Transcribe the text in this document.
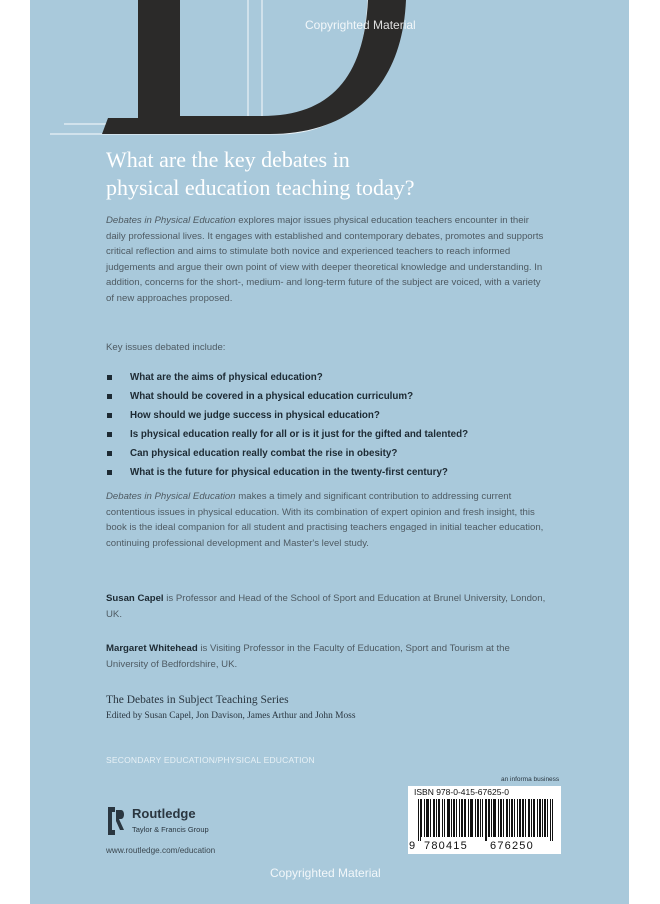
Copyrighted Material
What are the key debates in
physical education teaching today?

Debates in Physical Education explores major issues physical education teachers encounter in their daily professional lives. It engages with established and contemporary debates, promotes and supports critical reflection and aims to stimulate both novice and experienced teachers to reach informed judgements and argue their own point of view with deeper theoretical knowledge and understanding. In addition, concerns for the short-, medium- and long-term future of the subject are voiced, with a variety of new approaches proposed.

Key issues debated include:

What are the aims of physical education?
What should be covered in a physical education curriculum?
How should we judge success in physical education?
Is physical education really for all or is it just for the gifted and talented?
Can physical education really combat the rise in obesity?
What is the future for physical education in the twenty-first century?

Debates in Physical Education makes a timely and significant contribution to addressing current contentious issues in physical education. With its combination of expert opinion and fresh insight, this book is the ideal companion for all student and practising teachers engaged in initial teacher education, continuing professional development and Master's level study.

Susan Capel is Professor and Head of the School of Sport and Education at Brunel University, London, UK.

Margaret Whitehead is Visiting Professor in the Faculty of Education, Sport and Tourism at the University of Bedfordshire, UK.

The Debates in Subject Teaching Series

Edited by Susan Capel, Jon Davison, James Arthur and John Moss

SECONDARY EDUCATION/PHYSICAL EDUCATION
Routledge
Taylor & Francis Group
www.routledge.com/education
an informa business
ISBN 978-0-415-67625-0
9 780415 676250
Copyrighted Material
